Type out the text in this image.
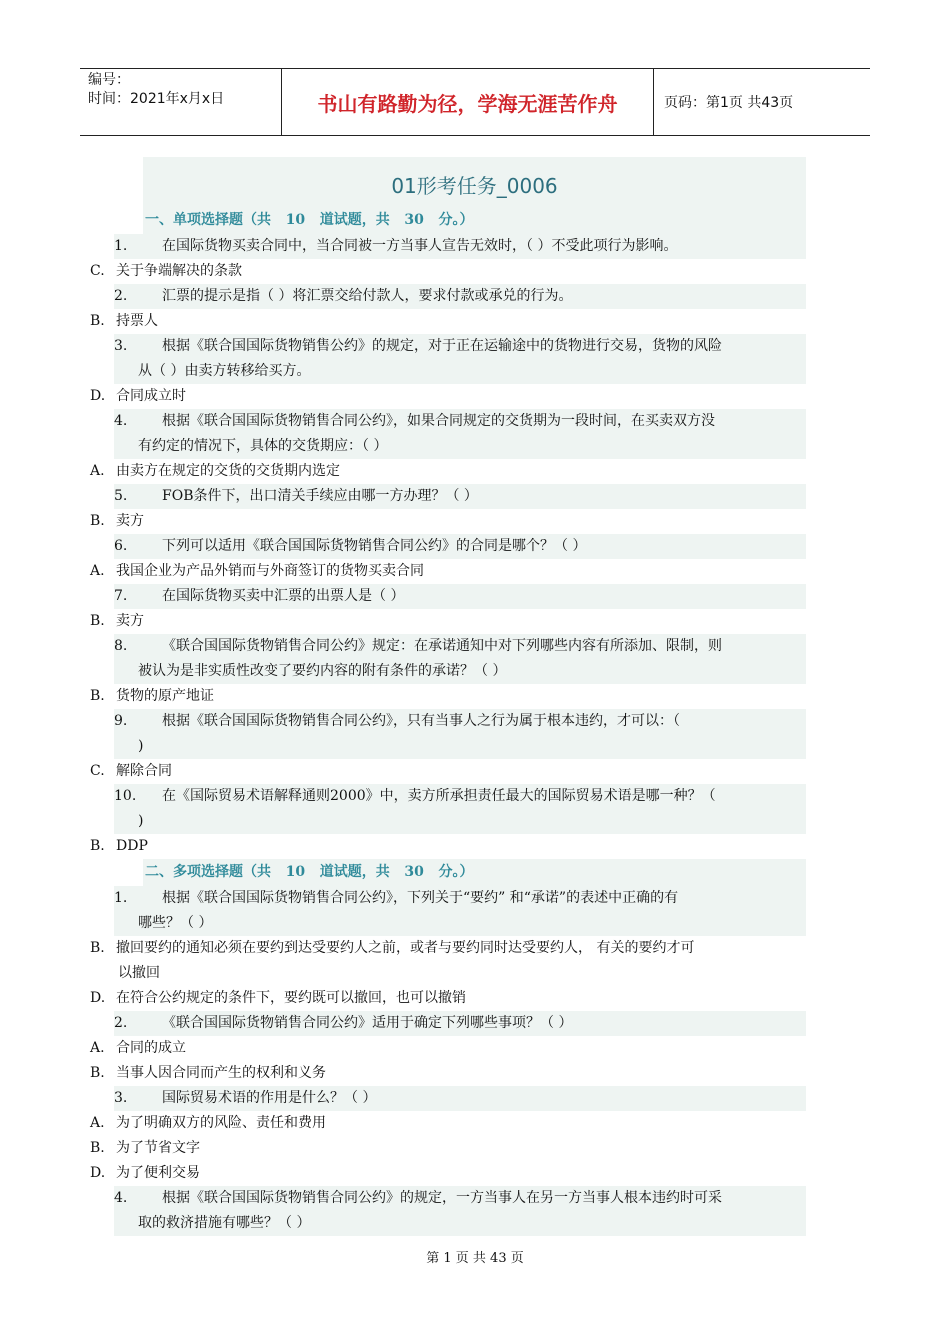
编号：
时间：2021年x月x日	书山有路勤为径，学海无涯苦作舟	页码：第1页 共43页
01形考任务_0006
一、单项选择题（共   10   道试题，共   30   分。）
1.	在国际货物买卖合同中，当合同被一方当事人宣告无效时，（ ）不受此项行为影响。
C. 关于争端解决的条款
2.	汇票的提示是指（ ）将汇票交给付款人，要求付款或承兑的行为。
B. 持票人
3.	根据《联合国国际货物销售公约》的规定，对于正在运输途中的货物进行交易，货物的风险
从（ ）由卖方转移给买方。
D. 合同成立时
4.	根据《联合国国际货物销售合同公约》，如果合同规定的交货期为一段时间，在买卖双方没
有约定的情况下，具体的交货期应：（ ）
A. 由卖方在规定的交货的交货期内选定
5.	FOB条件下，出口清关手续应由哪一方办理？（ ）
B. 卖方
6.	下列可以适用《联合国国际货物销售合同公约》的合同是哪个？（ ）
A. 我国企业为产品外销而与外商签订的货物买卖合同
7.	在国际货物买卖中汇票的出票人是（ ）
B. 卖方
8.	《联合国国际货物销售合同公约》规定：在承诺通知中对下列哪些内容有所添加、限制，则
被认为是非实质性改变了要约内容的附有条件的承诺？（ ）
B. 货物的原产地证
9.	根据《联合国国际货物销售合同公约》，只有当事人之行为属于根本违约，才可以：（
)
C. 解除合同
10.	在《国际贸易术语解释通则2000》中，卖方所承担责任最大的国际贸易术语是哪一种？（
)
B. DDP
二、多项选择题（共   10   道试题，共   30   分。）
1.	根据《联合国国际货物销售合同公约》，下列关于“要约” 和“承诺”的表述中正确的有
哪些？（ ）
B. 撤回要约的通知必须在要约到达受要约人之前，或者与要约同时达受要约人， 有关的要约才可
以撤回
D. 在符合公约规定的条件下，要约既可以撤回，也可以撤销
2.	《联合国国际货物销售合同公约》适用于确定下列哪些事项？（ ）
A. 合同的成立
B. 当事人因合同而产生的权利和义务
3.	国际贸易术语的作用是什么？（ ）
A. 为了明确双方的风险、责任和费用
B. 为了节省文字
D. 为了便利交易
4.	根据《联合国国际货物销售合同公约》的规定，一方当事人在另一方当事人根本违约时可采
取的救济措施有哪些？（ ）
第 1 页 共 43 页
